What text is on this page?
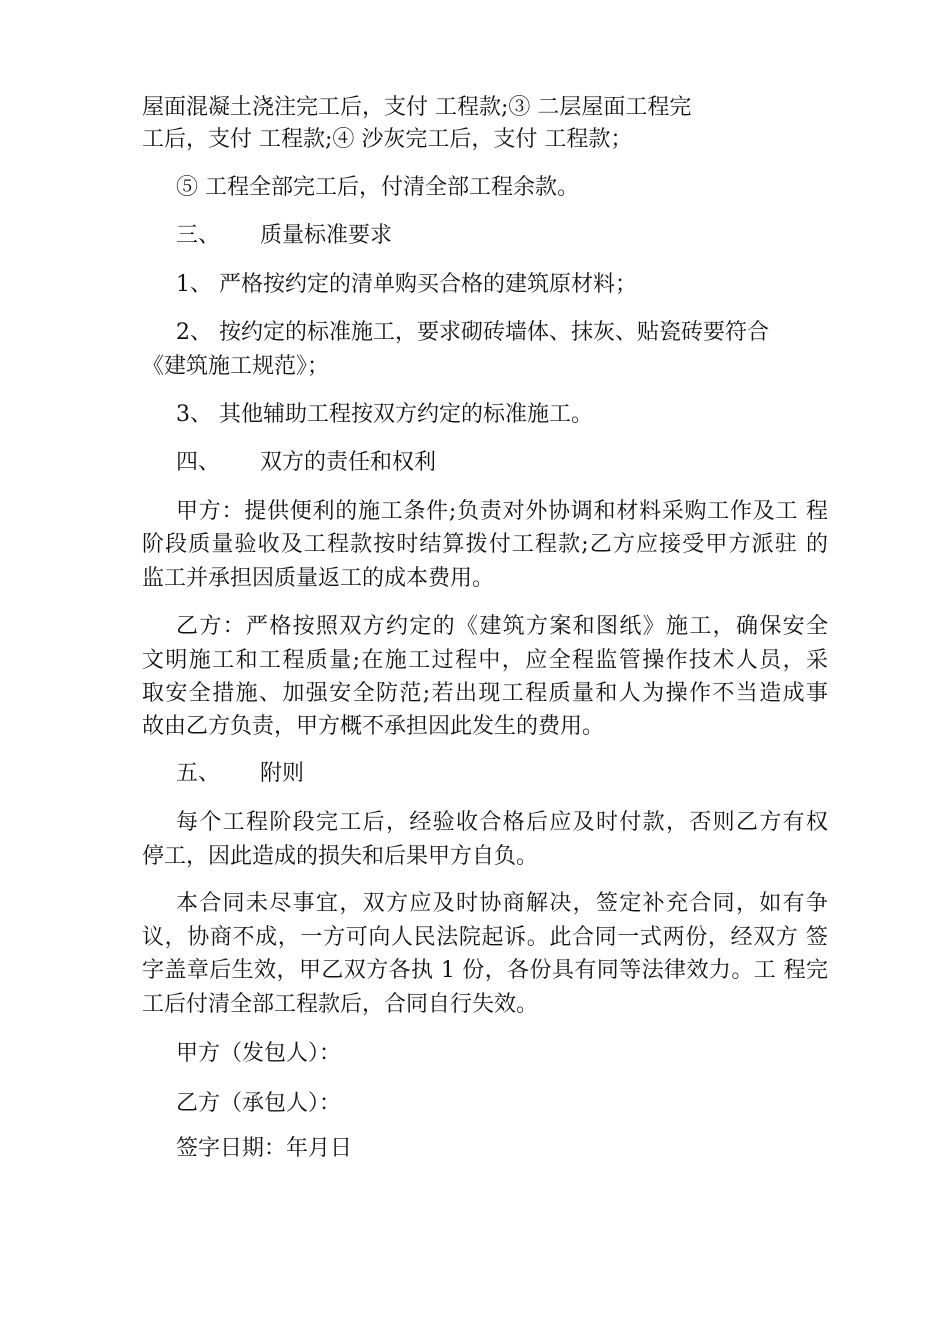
屋面混凝土浇注完工后，支付 工程款;③ 二层屋面工程完
工后，支付 工程款;④ 沙灰完工后，支付 工程款；
⑤ 工程全部完工后，付清全部工程余款。
三、 质量标准要求
1、 严格按约定的清单购买合格的建筑原材料；
2、 按约定的标准施工，要求砌砖墙体、抹灰、贴瓷砖要符合
《建筑施工规范》；
3、 其他辅助工程按双方约定的标准施工。
四、 双方的责任和权利
甲方：提供便利的施工条件;负责对外协调和材料采购工作及工 程
阶段质量验收及工程款按时结算拨付工程款;乙方应接受甲方派驻 的
监工并承担因质量返工的成本费用。
乙方：严格按照双方约定的《建筑方案和图纸》施工，确保安全
文明施工和工程质量;在施工过程中，应全程监管操作技术人员，采
取安全措施、加强安全防范;若出现工程质量和人为操作不当造成事
故由乙方负责，甲方概不承担因此发生的费用。
五、 附则
每个工程阶段完工后，经验收合格后应及时付款，否则乙方有权
停工，因此造成的损失和后果甲方自负。
本合同未尽事宜，双方应及时协商解决，签定补充合同，如有争
议，协商不成，一方可向人民法院起诉。此合同一式两份，经双方 签
字盖章后生效，甲乙双方各执 1 份，各份具有同等法律效力。工 程完
工后付清全部工程款后，合同自行失效。
甲方（发包人）：
乙方（承包人）：
签字日期：年月日
